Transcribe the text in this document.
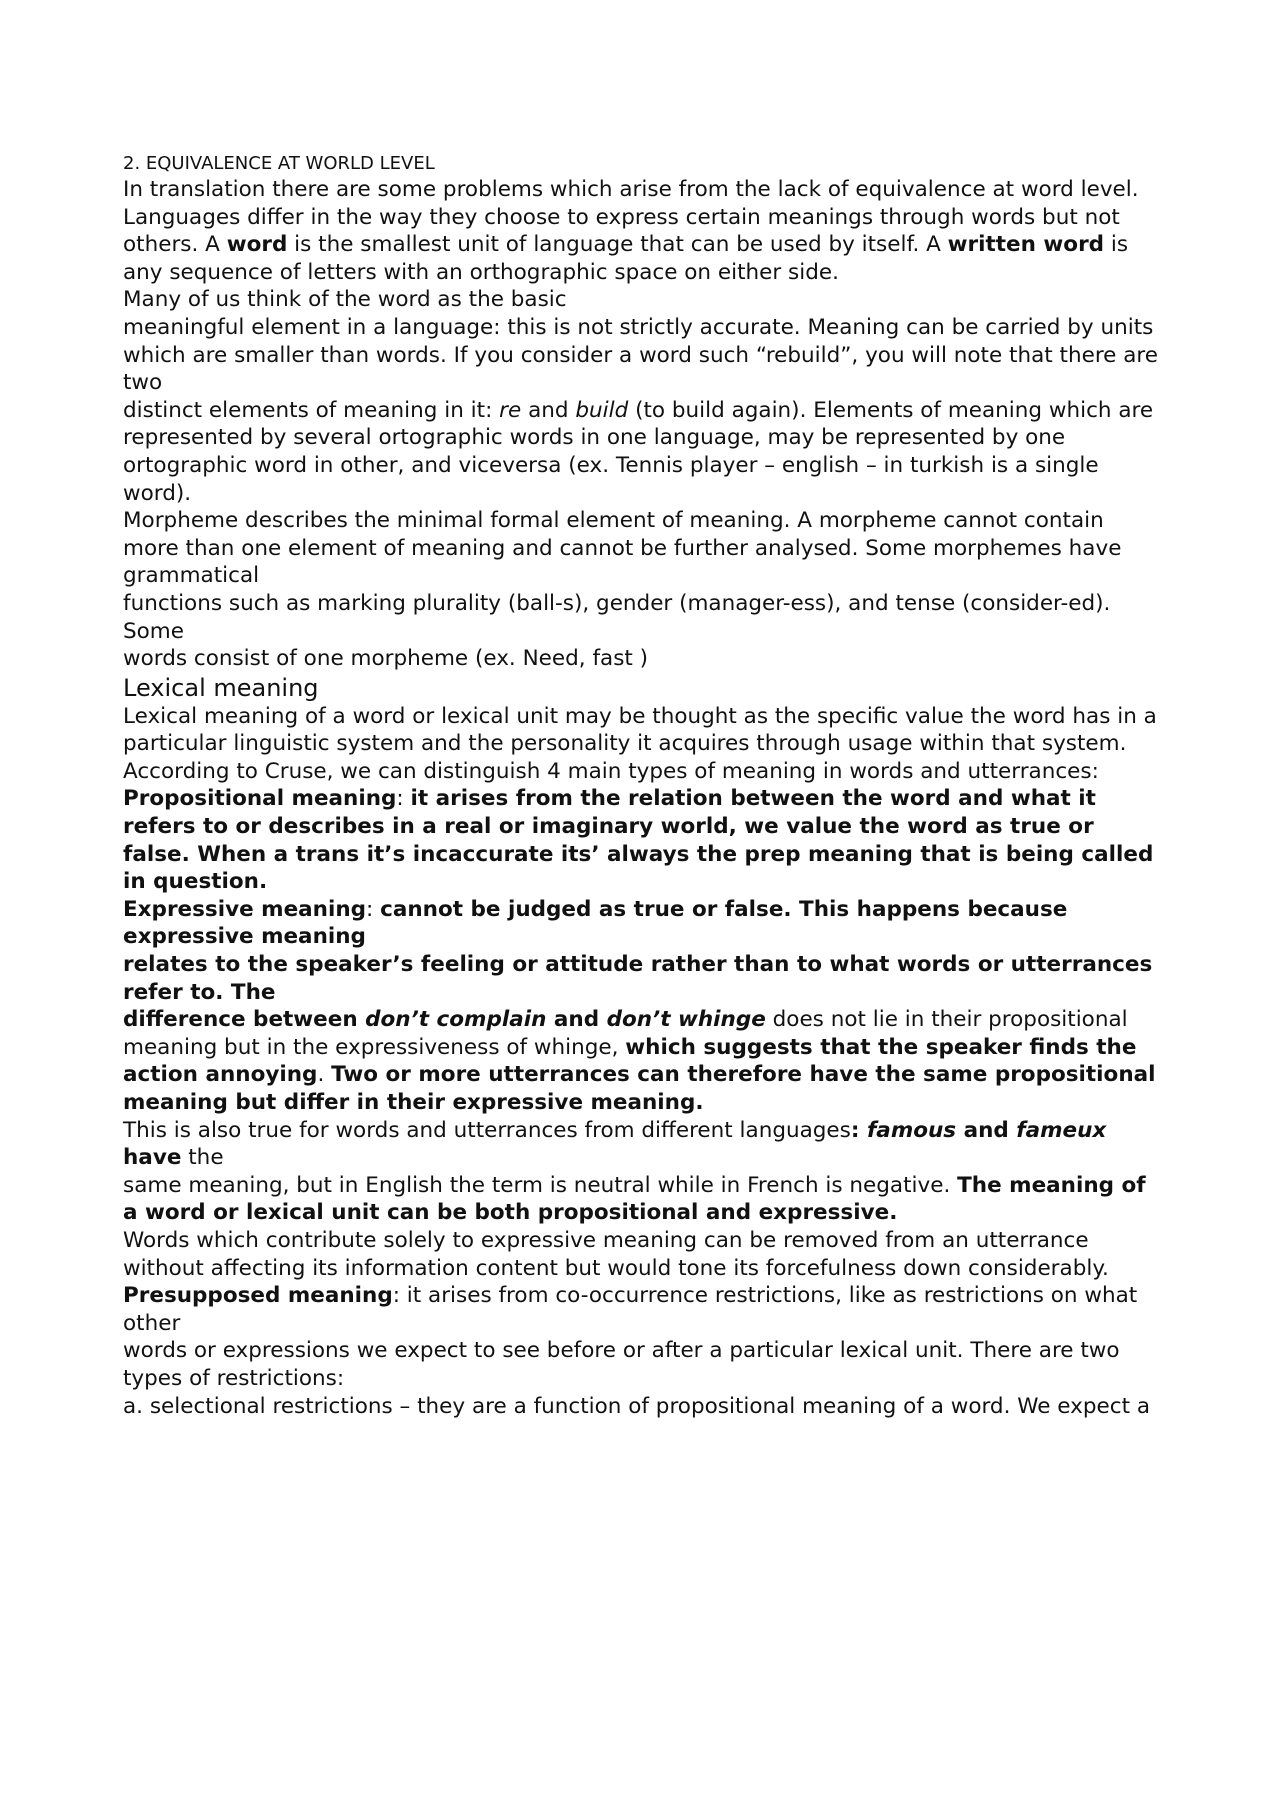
2. EQUIVALENCE AT WORLD LEVEL

In translation there are some problems which arise from the lack of equivalence at word level.

Languages differ in the way they choose to express certain meanings through words but not others. A word is the smallest unit of language that can be used by itself. A written word is any sequence of letters with an orthographic space on either side.

Many of us think of the word as the basic

meaningful element in a language: this is not strictly accurate. Meaning can be carried by units which are smaller than words. If you consider a word such “rebuild”, you will note that there are two

distinct elements of meaning in it: re and build (to build again). Elements of meaning which are

represented by several ortographic words in one language, may be represented by one ortographic word in other, and viceversa (ex. Tennis player – english – in turkish is a single word).

Morpheme describes the minimal formal element of meaning. A morpheme cannot contain more than one element of meaning and cannot be further analysed. Some morphemes have grammatical

functions such as marking plurality (ball-s), gender (manager-ess), and tense (consider-ed). Some

words consist of one morpheme (ex. Need, fast )

Lexical meaning

Lexical meaning of a word or lexical unit may be thought as the specific value the word has in a

particular linguistic system and the personality it acquires through usage within that system.

According to Cruse, we can distinguish 4 main types of meaning in words and utterrances:

Propositional meaning: it arises from the relation between the word and what it refers to or describes in a real or imaginary world, we value the word as true or false. When a trans it’s incaccurate its’ always the prep meaning that is being called in question.

Expressive meaning: cannot be judged as true or false. This happens because expressive meaning

relates to the speaker’s feeling or attitude rather than to what words or utterrances refer to. The

difference between don’t complain and don’t whinge does not lie in their propositional meaning but in the expressiveness of whinge, which suggests that the speaker finds the action annoying. Two or more utterrances can therefore have the same propositional meaning but differ in their expressive meaning.

This is also true for words and utterrances from different languages: famous and fameux have the

same meaning, but in English the term is neutral while in French is negative. The meaning of a word or lexical unit can be both propositional and expressive.

Words which contribute solely to expressive meaning can be removed from an utterrance without affecting its information content but would tone its forcefulness down considerably.

Presupposed meaning: it arises from co-occurrence restrictions, like as restrictions on what other

words or expressions we expect to see before or after a particular lexical unit. There are two types of restrictions:

a. selectional restrictions – they are a function of propositional meaning of a word. We expect a
